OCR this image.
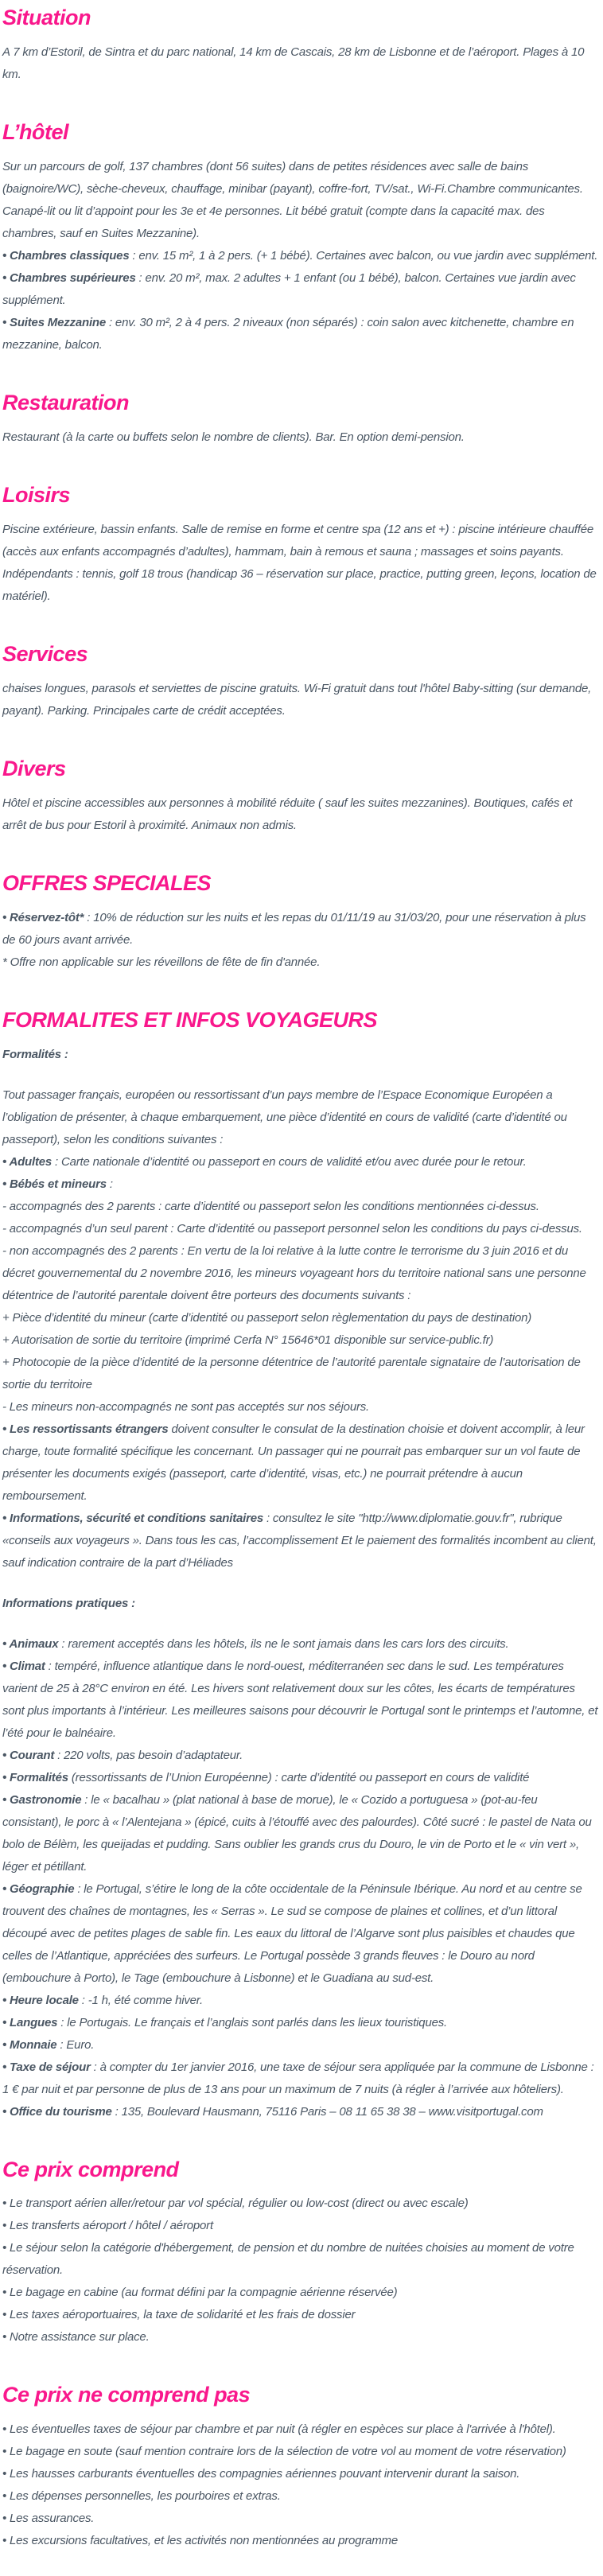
Situation

A 7 km d’Estoril, de Sintra et du parc national, 14 km de Cascais, 28 km de Lisbonne et de l’aéroport. Plages à 10 km.

L’hôtel

Sur un parcours de golf, 137 chambres (dont 56 suites) dans de petites résidences avec salle de bains (baignoire/WC), sèche-cheveux, chauffage, minibar (payant), coffre-fort, TV/sat., Wi-Fi.Chambre communicantes. Canapé-lit ou lit d’appoint pour les 3e et 4e personnes. Lit bébé gratuit (compte dans la capacité max. des chambres, sauf en Suites Mezzanine).

• Chambres classiques : env. 15 m², 1 à 2 pers. (+ 1 bébé). Certaines avec balcon, ou vue jardin avec supplément.

• Chambres supérieures : env. 20 m², max. 2 adultes + 1 enfant (ou 1 bébé), balcon. Certaines vue jardin avec supplément.

• Suites Mezzanine : env. 30 m², 2 à 4 pers. 2 niveaux (non séparés) : coin salon avec kitchenette, chambre en mezzanine, balcon.

Restauration

Restaurant (à la carte ou buffets selon le nombre de clients). Bar. En option demi-pension.

Loisirs

Piscine extérieure, bassin enfants. Salle de remise en forme et centre spa (12 ans et +) : piscine intérieure chauffée (accès aux enfants accompagnés d’adultes), hammam, bain à remous et sauna ; massages et soins payants. Indépendants : tennis, golf 18 trous (handicap 36 – réservation sur place, practice, putting green, leçons, location de matériel).

Services

chaises longues, parasols et serviettes de piscine gratuits. Wi-Fi gratuit dans tout l'hôtel Baby-sitting (sur demande, payant). Parking. Principales carte de crédit acceptées.

Divers

Hôtel et piscine accessibles aux personnes à mobilité réduite ( sauf les suites mezzanines). Boutiques, cafés et arrêt de bus pour Estoril à proximité. Animaux non admis.

OFFRES SPECIALES

• Réservez-tôt* : 10% de réduction sur les nuits et les repas du 01/11/19 au 31/03/20, pour une réservation à plus de 60 jours avant arrivée.

* Offre non applicable sur les réveillons de fête de fin d'année.

FORMALITES ET INFOS VOYAGEURS

Formalités :

Tout passager français, européen ou ressortissant d’un pays membre de l’Espace Economique Européen a l’obligation de présenter, à chaque embarquement, une pièce d’identité en cours de validité (carte d’identité ou passeport), selon les conditions suivantes :

• Adultes : Carte nationale d’identité ou passeport en cours de validité et/ou avec durée pour le retour.

• Bébés et mineurs :

- accompagnés des 2 parents : carte d’identité ou passeport selon les conditions mentionnées ci-dessus.

- accompagnés d’un seul parent : Carte d’identité ou passeport personnel selon les conditions du pays ci-dessus.

- non accompagnés des 2 parents : En vertu de la loi relative à la lutte contre le terrorisme du 3 juin 2016 et du décret gouvernemental du 2 novembre 2016, les mineurs voyageant hors du territoire national sans une personne détentrice de l’autorité parentale doivent être porteurs des documents suivants :

+ Pièce d’identité du mineur (carte d’identité ou passeport selon règlementation du pays de destination)

+ Autorisation de sortie du territoire (imprimé Cerfa N° 15646*01 disponible sur service-public.fr)

+ Photocopie de la pièce d’identité de la personne détentrice de l’autorité parentale signataire de l’autorisation de sortie du territoire

- Les mineurs non-accompagnés ne sont pas acceptés sur nos séjours.

• Les ressortissants étrangers doivent consulter le consulat de la destination choisie et doivent accomplir, à leur charge, toute formalité spécifique les concernant. Un passager qui ne pourrait pas embarquer sur un vol faute de présenter les documents exigés (passeport, carte d’identité, visas, etc.) ne pourrait prétendre à aucun remboursement.

• Informations, sécurité et conditions sanitaires : consultez le site "http://www.diplomatie.gouv.fr", rubrique «conseils aux voyageurs ». Dans tous les cas, l’accomplissement Et le paiement des formalités incombent au client, sauf indication contraire de la part d’Héliades

Informations pratiques :

• Animaux : rarement acceptés dans les hôtels, ils ne le sont jamais dans les cars lors des circuits.

• Climat : tempéré, influence atlantique dans le nord-ouest, méditerranéen sec dans le sud. Les températures varient de 25 à 28°C environ en été. Les hivers sont relativement doux sur les côtes, les écarts de températures sont plus importants à l’intérieur. Les meilleures saisons pour découvrir le Portugal sont le printemps et l’automne, et l’été pour le balnéaire.

• Courant : 220 volts, pas besoin d’adaptateur.

• Formalités (ressortissants de l’Union Européenne) : carte d’identité ou passeport en cours de validité

• Gastronomie : le « bacalhau » (plat national à base de morue), le « Cozido a portuguesa » (pot-au-feu consistant), le porc à « l’Alentejana » (épicé, cuits à l’étouffé avec des palourdes). Côté sucré : le pastel de Nata ou bolo de Bélèm, les queijadas et pudding. Sans oublier les grands crus du Douro, le vin de Porto et le « vin vert », léger et pétillant.

• Géographie : le Portugal, s’étire le long de la côte occidentale de la Péninsule Ibérique. Au nord et au centre se trouvent des chaînes de montagnes, les « Serras ». Le sud se compose de plaines et collines, et d’un littoral découpé avec de petites plages de sable fin. Les eaux du littoral de l’Algarve sont plus paisibles et chaudes que celles de l’Atlantique, appréciées des surfeurs. Le Portugal possède 3 grands fleuves : le Douro au nord (embouchure à Porto), le Tage (embouchure à Lisbonne) et le Guadiana au sud-est.

• Heure locale : -1 h, été comme hiver.

• Langues : le Portugais. Le français et l’anglais sont parlés dans les lieux touristiques.

• Monnaie : Euro.

• Taxe de séjour : à compter du 1er janvier 2016, une taxe de séjour sera appliquée par la commune de Lisbonne : 1 € par nuit et par personne de plus de 13 ans pour un maximum de 7 nuits (à régler à l’arrivée aux hôteliers).

• Office du tourisme : 135, Boulevard Hausmann, 75116 Paris – 08 11 65 38 38 – www.visitportugal.com

Ce prix comprend

• Le transport aérien aller/retour par vol spécial, régulier ou low-cost (direct ou avec escale)

• Les transferts aéroport / hôtel / aéroport

• Le séjour selon la catégorie d'hébergement, de pension et du nombre de nuitées choisies au moment de votre réservation.

• Le bagage en cabine (au format défini par la compagnie aérienne réservée)

• Les taxes aéroportuaires, la taxe de solidarité et les frais de dossier

• Notre assistance sur place.

Ce prix ne comprend pas

• Les éventuelles taxes de séjour par chambre et par nuit (à régler en espèces sur place à l'arrivée à l'hôtel).

• Le bagage en soute (sauf mention contraire lors de la sélection de votre vol au moment de votre réservation)

• Les hausses carburants éventuelles des compagnies aériennes pouvant intervenir durant la saison.

• Les dépenses personnelles, les pourboires et extras.

• Les assurances.

• Les excursions facultatives, et les activités non mentionnées au programme
